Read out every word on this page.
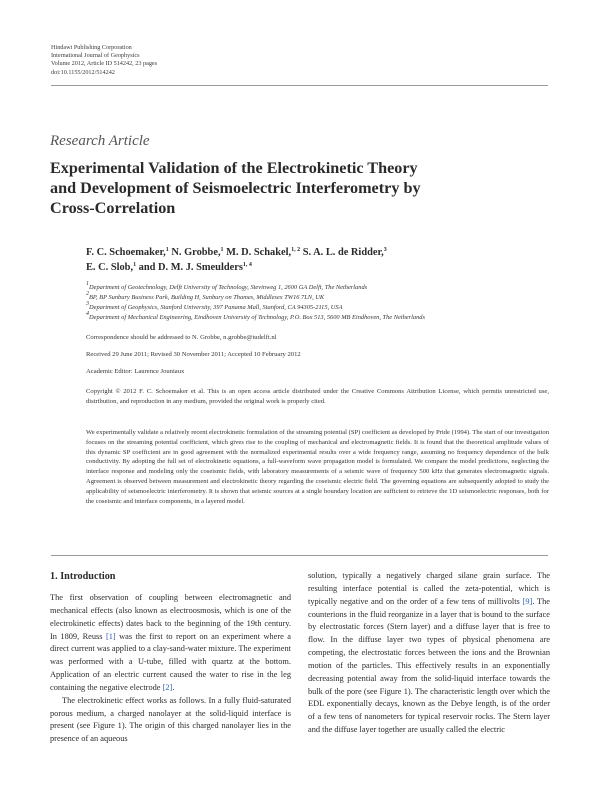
Hindawi Publishing Corporation
International Journal of Geophysics
Volume 2012, Article ID 514242, 23 pages
doi:10.1155/2012/514242
Research Article
Experimental Validation of the Electrokinetic Theory
and Development of Seismoelectric Interferometry by
Cross-Correlation
F. C. Schoemaker,$^1$ N. Grobbe,$^1$ M. D. Schakel,$^{1, 2}$ S. A. L. de Ridder,$^3$
E. C. Slob,$^1$ and D. M. J. Smeulders$^{1, 4}$
$^1$Department of Geotechnology, Delft University of Technology, Stevinweg 1, 2600 GA Delft, The Netherlands
$^2$BP, BP Sunbury Business Park, Building H, Sunbury on Thames, Middlesex TW16 7LN, UK
$^3$Department of Geophysics, Stanford University, 397 Panama Mall, Stanford, CA 94305-2115, USA
$^4$Department of Mechanical Engineering, Eindhoven University of Technology, P.O. Box 513, 5600 MB Eindhoven, The Netherlands
Correspondence should be addressed to N. Grobbe, n.grobbe@tudelft.nl
Received 29 June 2011; Revised 30 November 2011; Accepted 10 February 2012
Academic Editor: Laurence Jouniaux
Copyright © 2012 F. C. Schoemaker et al. This is an open access article distributed under the Creative Commons Attribution License, which permits unrestricted use, distribution, and reproduction in any medium, provided the original work is properly cited.
We experimentally validate a relatively recent electrokinetic formulation of the streaming potential (SP) coefficient as developed by Pride (1994). The start of our investigation focuses on the streaming potential coefficient, which gives rise to the coupling of mechanical and electromagnetic fields. It is found that the theoretical amplitude values of this dynamic SP coefficient are in good agreement with the normalized experimental results over a wide frequency range, assuming no frequency dependence of the bulk conductivity. By adopting the full set of electrokinetic equations, a full-waveform wave propagation model is formulated. We compare the model predictions, neglecting the interface response and modeling only the coseismic fields, with laboratory measurements of a seismic wave of frequency 500 kHz that generates electromagnetic signals. Agreement is observed between measurement and electrokinetic theory regarding the coseismic electric field. The governing equations are subsequently adopted to study the applicability of seismoelectric interferometry. It is shown that seismic sources at a single boundary location are sufficient to retrieve the 1D seismoelectric responses, both for the coseismic and interface components, in a layered model.
1. Introduction

The first observation of coupling between electromagnetic and mechanical effects (also known as electroosmosis, which is one of the electrokinetic effects) dates back to the beginning of the 19th century. In 1809, Reuss [1] was the first to report on an experiment where a direct current was applied to a clay-sand-water mixture. The experiment was performed with a U-tube, filled with quartz at the bottom. Application of an electric current caused the water to rise in the leg containing the negative electrode [2].

The electrokinetic effect works as follows. In a fully fluid-saturated porous medium, a charged nanolayer at the solid-liquid interface is present (see Figure 1). The origin of this charged nanolayer lies in the presence of an aqueous

solution, typically a negatively charged silane grain surface. The resulting interface potential is called the zeta-potential, which is typically negative and on the order of a few tens of millivolts [9]. The counterions in the fluid reorganize in a layer that is bound to the surface by electrostatic forces (Stern layer) and a diffuse layer that is free to flow. In the diffuse layer two types of physical phenomena are competing, the electrostatic forces between the ions and the Brownian motion of the particles. This effectively results in an exponentially decreasing potential away from the solid-liquid interface towards the bulk of the pore (see Figure 1). The characteristic length over which the EDL exponentially decays, known as the Debye length, is of the order of a few tens of nanometers for typical reservoir rocks. The Stern layer and the diffuse layer together are usually called the electric
